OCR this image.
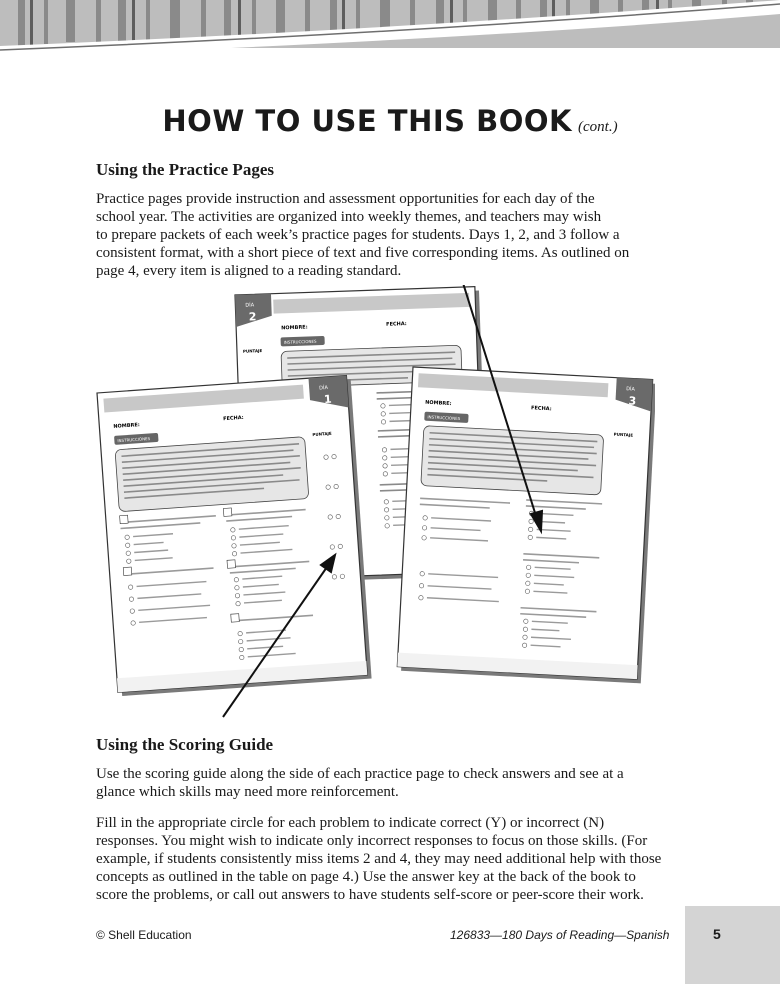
HOW TO USE THIS BOOK (cont.)
Using the Practice Pages
Practice pages provide instruction and assessment opportunities for each day of the
school year. The activities are organized into weekly themes, and teachers may wish
to prepare packets of each week’s practice pages for students. Days 1, 2, and 3 follow a
consistent format, with a short piece of text and five corresponding items. As outlined on
page 4, every item is aligned to a reading standard.
DÍA
2
NOMBRE:
FECHA:
INSTRUCCIONES
PUNTAJE
DÍA
3
NOMBRE:
FECHA:
INSTRUCCIONES
PUNTAJE
DÍA
1
NOMBRE:
FECHA:
INSTRUCCIONES
PUNTAJE
Using the Scoring Guide
Use the scoring guide along the side of each practice page to check answers and see at a
glance which skills may need more reinforcement.
Fill in the appropriate circle for each problem to indicate correct (Y) or incorrect (N)
responses. You might wish to indicate only incorrect responses to focus on those skills. (For
example, if students consistently miss items 2 and 4, they may need additional help with those
concepts as outlined in the table on page 4.) Use the answer key at the back of the book to
score the problems, or call out answers to have students self-score or peer-score their work.
© Shell Education	126833—180 Days of Reading—Spanish	5
